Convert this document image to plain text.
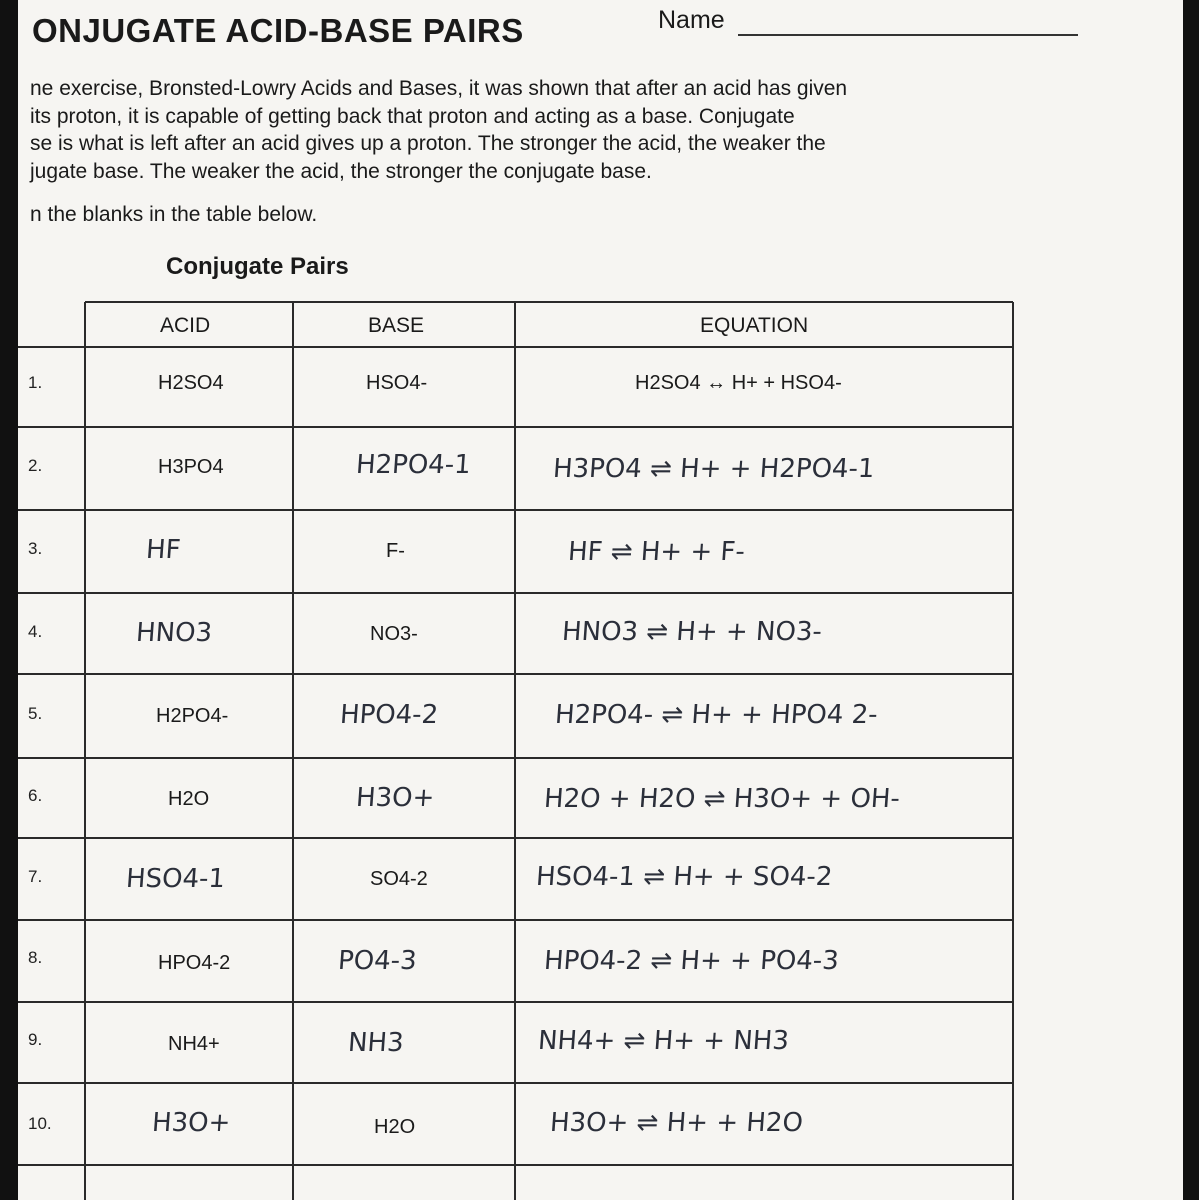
ONJUGATE ACID-BASE PAIRS	Name

ne exercise, Bronsted-Lowry Acids and Bases, it was shown that after an acid has given

its proton, it is capable of getting back that proton and acting as a base. Conjugate

se is what is left after an acid gives up a proton. The stronger the acid, the weaker the

jugate base. The weaker the acid, the stronger the conjugate base.

n the blanks in the table below.
Conjugate Pairs
ACID	BASE	EQUATION
1.	H2SO4	HSO4-	H2SO4 ↔ H+ + HSO4-
2.	H3PO4	H2PO4-1	H3PO4 ⇌ H+ + H2PO4-1
3.	HF	F-	HF ⇌ H+ + F-
4.	HNO3	NO3-	HNO3 ⇌ H+ + NO3-
5.	H2PO4-	HPO4-2	H2PO4- ⇌ H+ + HPO4 2-
6.	H2O	H3O+	H2O + H2O ⇌ H3O+ + OH-
7.	HSO4-1	SO4-2	HSO4-1 ⇌ H+ + SO4-2
8.	HPO4-2	PO4-3	HPO4-2 ⇌ H+ + PO4-3
9.	NH4+	NH3	NH4+ ⇌ H+ + NH3
10.	H3O+	H2O	H3O+ ⇌ H+ + H2O
